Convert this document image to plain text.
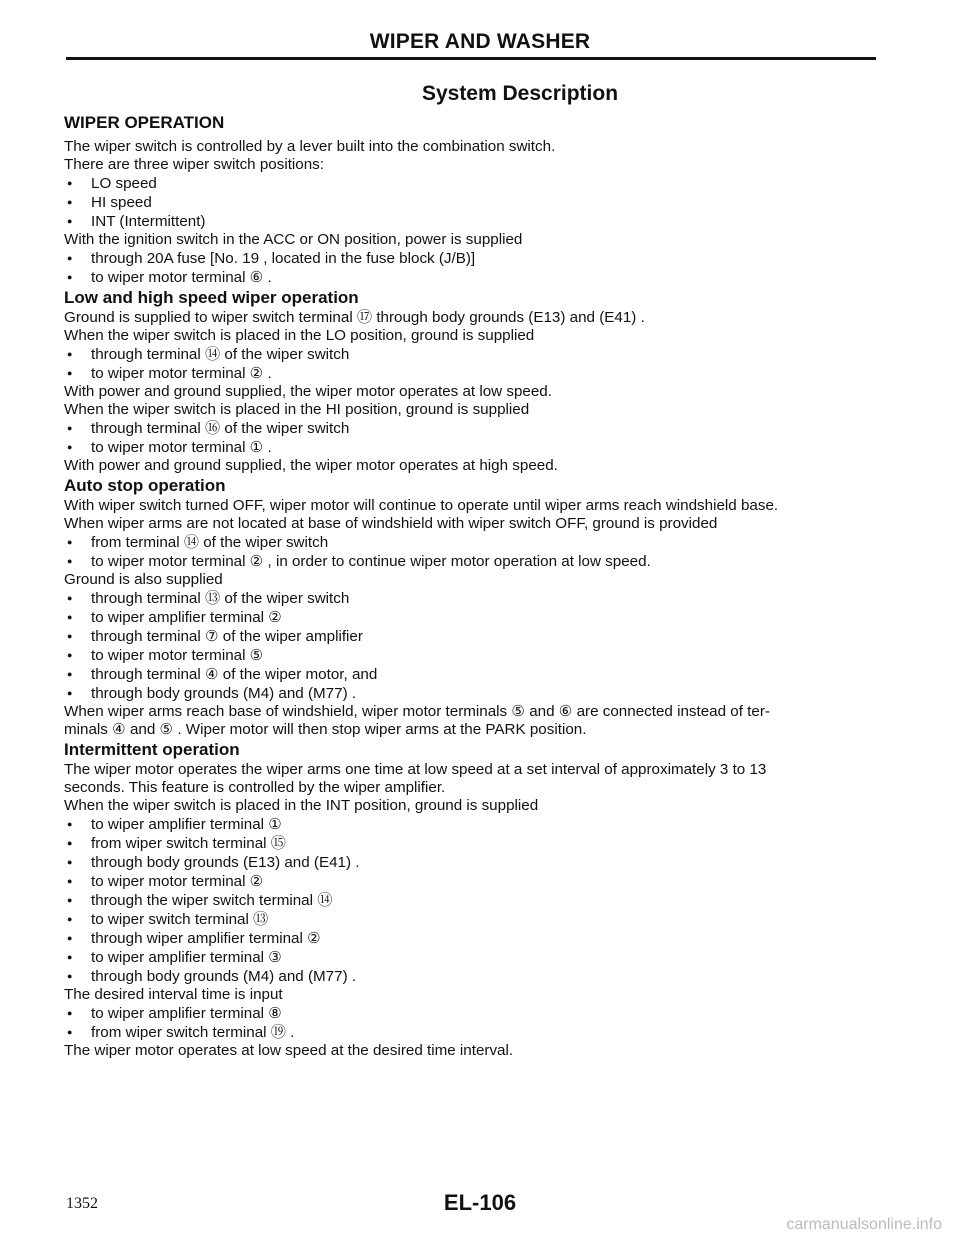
WIPER AND WASHER
System Description
WIPER OPERATION
The wiper switch is controlled by a lever built into the combination switch.
There are three wiper switch positions:
● LO speed
● HI speed
● INT (Intermittent)
With the ignition switch in the ACC or ON position, power is supplied
● through 20A fuse [No. 19 , located in the fuse block (J/B)]
● to wiper motor terminal ⑥ .
Low and high speed wiper operation
Ground is supplied to wiper switch terminal ⑰ through body grounds (E13) and (E41) .
When the wiper switch is placed in the LO position, ground is supplied
● through terminal ⑭ of the wiper switch
● to wiper motor terminal ② .
With power and ground supplied, the wiper motor operates at low speed.
When the wiper switch is placed in the HI position, ground is supplied
● through terminal ⑯ of the wiper switch
● to wiper motor terminal ① .
With power and ground supplied, the wiper motor operates at high speed.
Auto stop operation
With wiper switch turned OFF, wiper motor will continue to operate until wiper arms reach windshield base.
When wiper arms are not located at base of windshield with wiper switch OFF, ground is provided
● from terminal ⑭ of the wiper switch
● to wiper motor terminal ② , in order to continue wiper motor operation at low speed.
Ground is also supplied
● through terminal ⑬ of the wiper switch
● to wiper amplifier terminal ②
● through terminal ⑦ of the wiper amplifier
● to wiper motor terminal ⑤
● through terminal ④ of the wiper motor, and
● through body grounds (M4) and (M77) .
When wiper arms reach base of windshield, wiper motor terminals ⑤ and ⑥ are connected instead of ter-
minals ④ and ⑤ . Wiper motor will then stop wiper arms at the PARK position.
Intermittent operation
The wiper motor operates the wiper arms one time at low speed at a set interval of approximately 3 to 13
seconds. This feature is controlled by the wiper amplifier.
When the wiper switch is placed in the INT position, ground is supplied
● to wiper amplifier terminal ①
● from wiper switch terminal ⑮
● through body grounds (E13) and (E41) .
● to wiper motor terminal ②
● through the wiper switch terminal ⑭
● to wiper switch terminal ⑬
● through wiper amplifier terminal ②
● to wiper amplifier terminal ③
● through body grounds (M4) and (M77) .
The desired interval time is input
● to wiper amplifier terminal ⑧
● from wiper switch terminal ⑲ .
The wiper motor operates at low speed at the desired time interval.
1352	EL-106
carmanualsonline.info
